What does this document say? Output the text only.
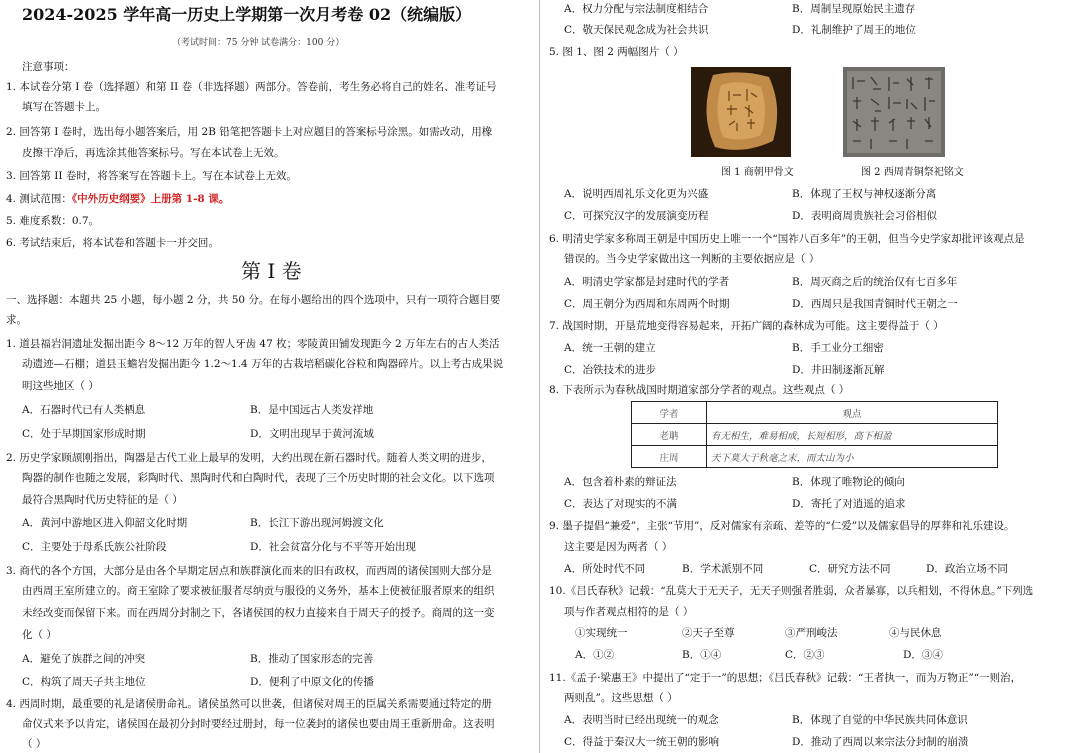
2024-2025 学年高一历史上学期第一次月考卷 02（统编版）
（考试时间：75 分钟 试卷满分：100 分）
注意事项：
1. 本试卷分第 I 卷（选择题）和第 II 卷（非选择题）两部分。答卷前，考生务必将自己的姓名、准考证号
填写在答题卡上。
2. 回答第 I 卷时，选出每小题答案后，用 2B 铅笔把答题卡上对应题目的答案标号涂黑。如需改动，用橡
皮擦干净后，再选涂其他答案标号。写在本试卷上无效。
3. 回答第 II 卷时，将答案写在答题卡上。写在本试卷上无效。
4. 测试范围：《中外历史纲要》上册第 1-8 课。
5. 难度系数：0.7。
6. 考试结束后，将本试卷和答题卡一并交回。
第 I 卷
一、选择题：本题共 25 小题，每小题 2 分，共 50 分。在每小题给出的四个选项中，只有一项符合题目要
求。
1. 道县福岩洞遗址发掘出距今 8～12 万年的智人牙齿 47 枚；零陵黄田铺发现距今 2 万年左右的古人类活
动遗迹—石棚；道县玉蟾岩发掘出距今 1.2～1.4 万年的古栽培稻碳化谷粒和陶器碎片。以上考古成果说
明这些地区（ ）
A．石器时代已有人类栖息	B．是中国远古人类发祥地
C．处于早期国家形成时期	D．文明出现早于黄河流域
2. 历史学家顾颉刚指出，陶器是古代工业上最早的发明，大约出现在新石器时代。随着人类文明的进步，
陶器的制作也随之发展，彩陶时代、黑陶时代和白陶时代，表现了三个历史时期的社会文化。以下选项
最符合黑陶时代历史特征的是（ ）
A．黄河中游地区进入仰韶文化时期	B．长江下游出现河姆渡文化
C．主要处于母系氏族公社阶段	D．社会贫富分化与不平等开始出现
3. 商代的各个方国，大部分是由各个早期定居点和族群演化而来的旧有政权，而西周的诸侯国则大部分是
由西周王室所建立的。商王室除了要求被征服者尽纳贡与服役的义务外，基本上使被征服者原来的组织
未经改变而保留下来。而在西周分封制之下，各诸侯国的权力直接来自于周天子的授予。商周的这一变
化（ ）
A．避免了族群之间的冲突	B．推动了国家形态的完善
C．构筑了周天子共主地位	D．便利了中原文化的传播
4. 西周时期，最重要的礼是诸侯册命礼。诸侯虽然可以世袭，但诸侯对周王的臣属关系需要通过特定的册
命仪式来予以肯定，诸侯国在最初分封时要经过册封，每一位袭封的诸侯也要由周王重新册命。这表明
（ ）
A．权力分配与宗法制度相结合	B．周制呈现原始民主遗存
C．敬天保民观念成为社会共识	D．礼制维护了周王的地位
5. 图 1、图 2 两幅图片（ ）
图 1 商朝甲骨文	图 2 西周青铜祭祀铭文
A．说明西周礼乐文化更为兴盛	B．体现了王权与神权逐渐分离
C．可探究汉字的发展演变历程	D．表明商周贵族社会习俗相似
6. 明清史学家多称周王朝是中国历史上唯一一个“国祚八百多年”的王朝，但当今史学家却批评该观点是
错误的。当今史学家做出这一判断的主要依据应是（ ）
A．明清史学家都是封建时代的学者	B．周灭商之后的统治仅有七百多年
C．周王朝分为西周和东周两个时期	D．西周只是我国青铜时代王朝之一
7. 战国时期，开垦荒地变得容易起来，开拓广阔的森林成为可能。这主要得益于（ ）
A．统一王朝的建立	B．手工业分工细密
C．冶铁技术的进步	D．井田制逐渐瓦解
8. 下表所示为春秋战国时期道家部分学者的观点。这些观点（ ）
学者	观点
老聃	有无相生，难易相成，长短相形，高下相盈
庄周	天下莫大于秋毫之末，而太山为小
A．包含着朴素的辩证法	B．体现了唯物论的倾向
C．表达了对现实的不满	D．寄托了对逍遥的追求
9. 墨子提倡“兼爱”，主张“节用”，反对儒家有亲疏、差等的“仁爱”以及儒家倡导的厚葬和礼乐建设。
这主要是因为两者（ ）
A．所处时代不同	B．学术派别不同	C．研究方法不同	D．政治立场不同
10.《吕氏春秋》记载：“乱莫大于无天子，无天子则强者胜弱，众者暴寡，以兵相划，不得休息。”下列选
项与作者观点相符的是（ ）
①实现统一	②天子至尊	③严刑峻法	④与民休息
A．①②	B．①④	C．②③	D．③④
11.《孟子·梁惠王》中提出了“定于一”的思想；《吕氏春秋》记载：“王者执一，而为万物正”“一则治，
两则乱”。这些思想（ ）
A．表明当时已经出现统一的观念	B．体现了自觉的中华民族共同体意识
C．得益于秦汉大一统王朝的影响	D．推动了西周以来宗法分封制的崩溃
